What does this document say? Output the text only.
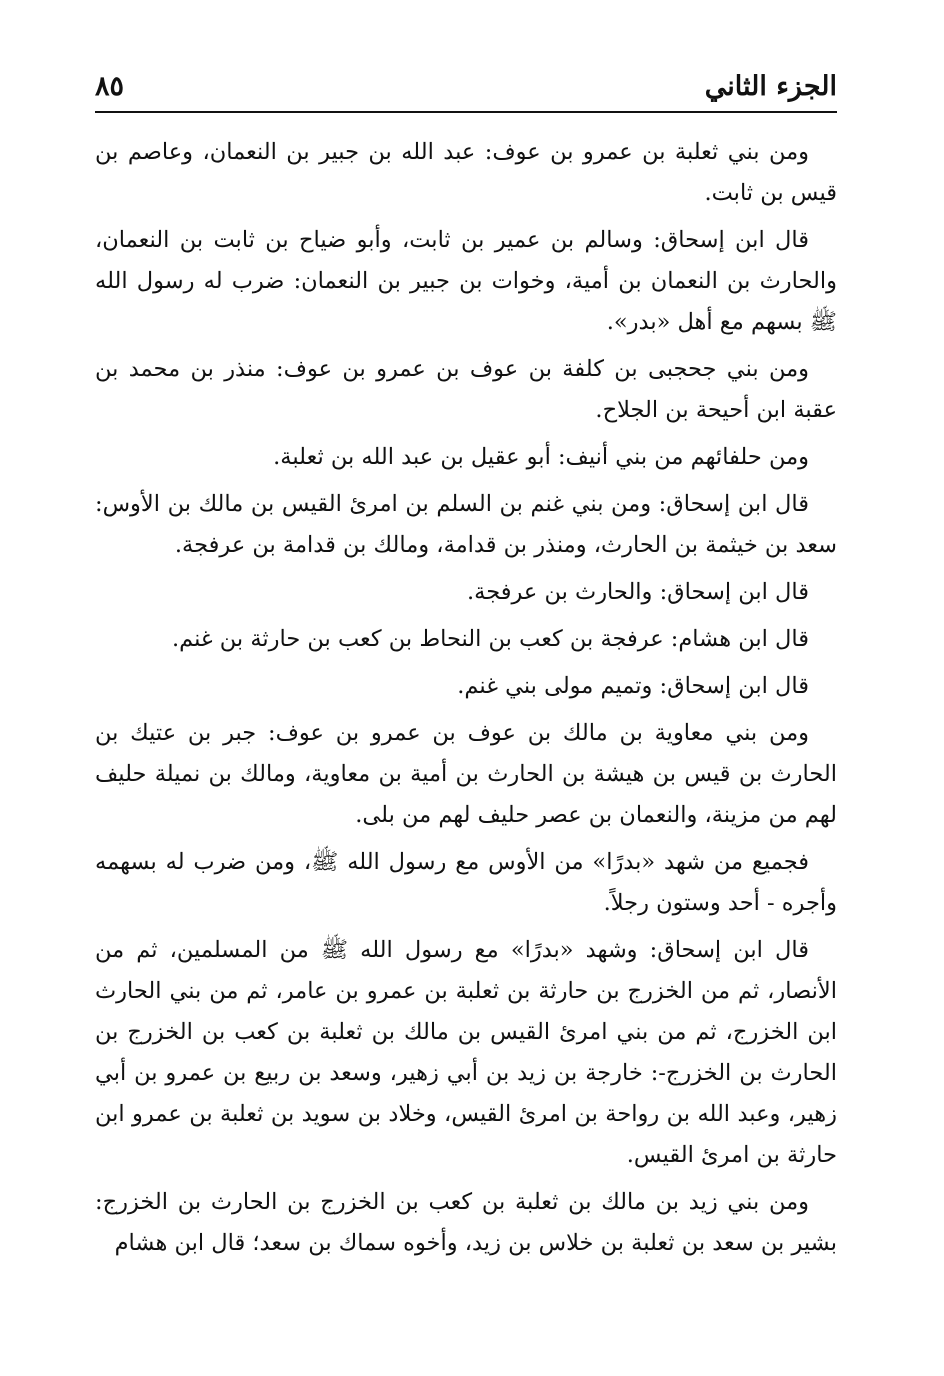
الجزء الثاني
٨٥

ومن بني ثعلبة بن عمرو بن عوف: عبد الله بن جبير بن النعمان، وعاصم بن قيس بن ثابت.

قال ابن إسحاق: وسالم بن عمير بن ثابت، وأبو ضياح بن ثابت بن النعمان، والحارث بن النعمان بن أمية، وخوات بن جبير بن النعمان: ضرب له رسول الله ﷺ بسهم مع أهل «بدر».

ومن بني جحجبى بن كلفة بن عوف بن عمرو بن عوف: منذر بن محمد بن عقبة ابن أحيحة بن الجلاح.

ومن حلفائهم من بني أنيف: أبو عقيل بن عبد الله بن ثعلبة.

قال ابن إسحاق: ومن بني غنم بن السلم بن امرئ القيس بن مالك بن الأوس: سعد بن خيثمة بن الحارث، ومنذر بن قدامة، ومالك بن قدامة بن عرفجة.

قال ابن إسحاق: والحارث بن عرفجة.

قال ابن هشام: عرفجة بن كعب بن النحاط بن كعب بن حارثة بن غنم.

قال ابن إسحاق: وتميم مولى بني غنم.

ومن بني معاوية بن مالك بن عوف بن عمرو بن عوف: جبر بن عتيك بن الحارث بن قيس بن هيشة بن الحارث بن أمية بن معاوية، ومالك بن نميلة حليف لهم من مزينة، والنعمان بن عصر حليف لهم من بلى.

فجميع من شهد «بدرًا» من الأوس مع رسول الله ﷺ، ومن ضرب له بسهمه وأجره - أحد وستون رجلاً.

قال ابن إسحاق: وشهد «بدرًا» مع رسول الله ﷺ من المسلمين، ثم من الأنصار، ثم من الخزرج بن حارثة بن ثعلبة بن عمرو بن عامر، ثم من بني الحارث ابن الخزرج، ثم من بني امرئ القيس بن مالك بن ثعلبة بن كعب بن الخزرج بن الحارث بن الخزرج-: خارجة بن زيد بن أبي زهير، وسعد بن ربيع بن عمرو بن أبي زهير، وعبد الله بن رواحة بن امرئ القيس، وخلاد بن سويد بن ثعلبة بن عمرو ابن حارثة بن امرئ القيس.

ومن بني زيد بن مالك بن ثعلبة بن كعب بن الخزرج بن الحارث بن الخزرج: بشير بن سعد بن ثعلبة بن خلاس بن زيد، وأخوه سماك بن سعد؛ قال ابن هشام
